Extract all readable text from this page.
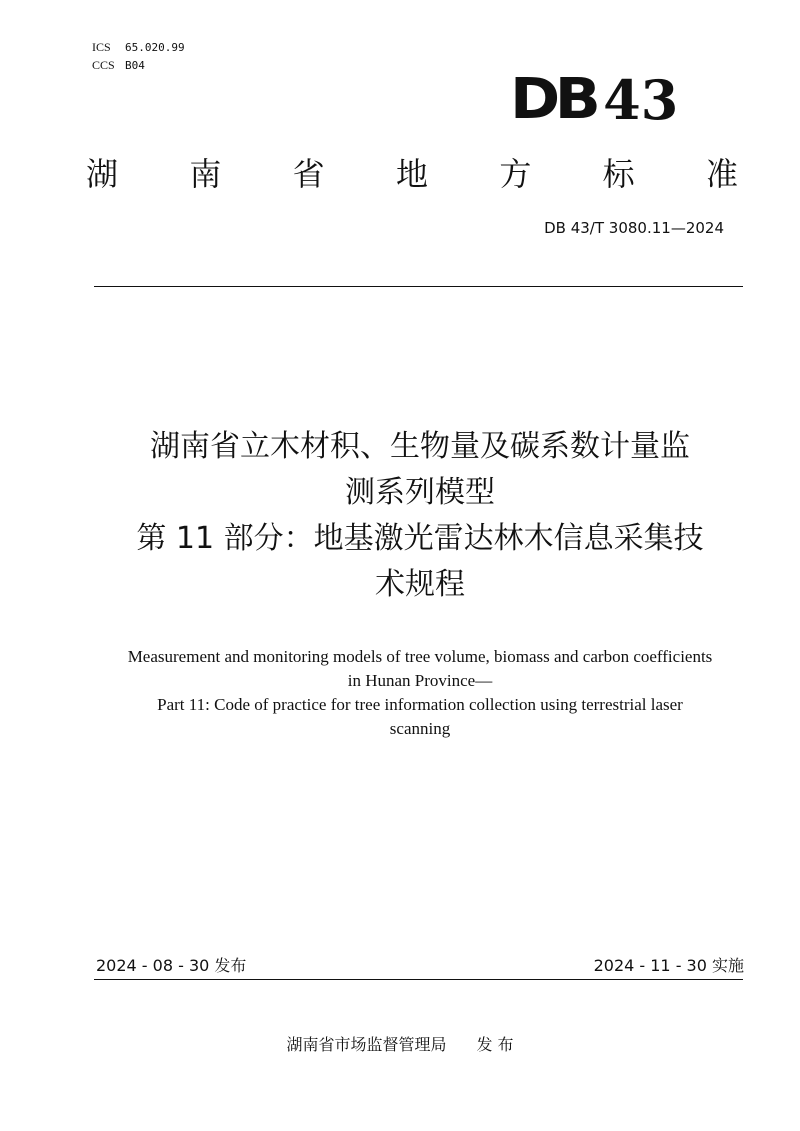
ICS 65.020.99
CCS B04
DB 43
湖 南 省 地 方 标 准
DB 43/T 3080.11—2024
湖南省立木材积、生物量及碳系数计量监
测系列模型
第 11 部分：地基激光雷达林木信息采集技
术规程
Measurement and monitoring models of tree volume, biomass and carbon coefficients
in Hunan Province—
Part 11: Code of practice for tree information collection using terrestrial laser
scanning
2024 - 08 - 30 发布	2024 - 11 - 30 实施
湖南省市场监督管理局 发 布
